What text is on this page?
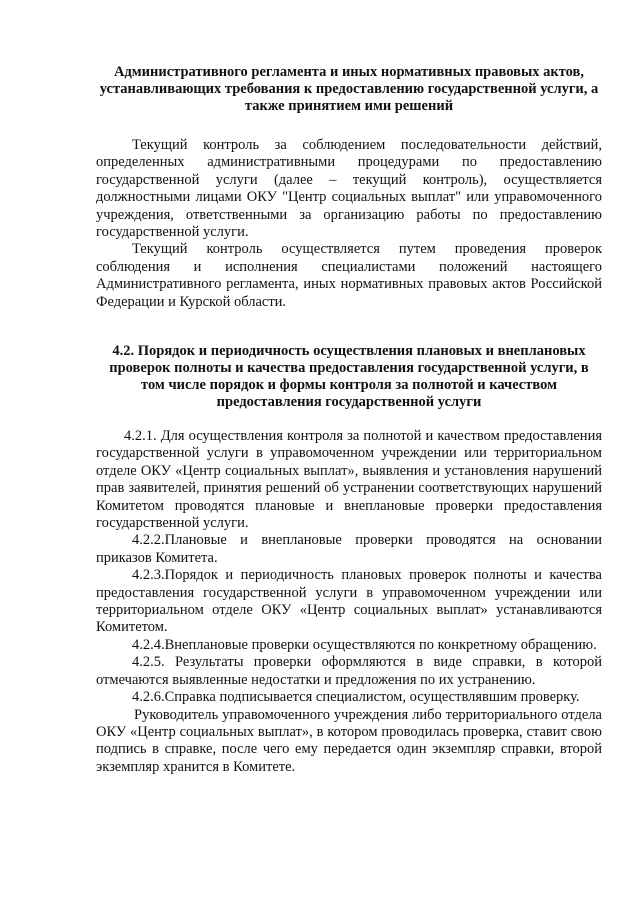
Административного регламента и иных нормативных правовых актов, устанавливающих требования к предоставлению государственной услуги, а также принятием ими решений

Текущий контроль за соблюдением последовательности действий, определенных административными процедурами по предоставлению государственной услуги (далее – текущий контроль), осуществляется должностными лицами ОКУ "Центр социальных выплат" или управомоченного учреждения, ответственными за организацию работы по предоставлению государственной услуги.

Текущий контроль осуществляется путем проведения проверок соблюдения и исполнения специалистами положений настоящего Административного регламента, иных нормативных правовых актов Российской Федерации и Курской области.

4.2. Порядок и периодичность осуществления плановых и внеплановых проверок полноты и качества предоставления государственной услуги, в том числе порядок и формы контроля за полнотой и качеством предоставления государственной услуги

4.2.1. Для осуществления контроля за полнотой и качеством предоставления государственной услуги в управомоченном учреждении или территориальном отделе ОКУ «Центр социальных выплат», выявления и установления нарушений прав заявителей, принятия решений об устранении соответствующих нарушений Комитетом проводятся плановые и внеплановые проверки предоставления государственной услуги.

4.2.2.Плановые и внеплановые проверки проводятся на основании приказов Комитета.

4.2.3.Порядок и периодичность плановых проверок полноты и качества предоставления государственной услуги в управомоченном учреждении или территориальном отделе ОКУ «Центр социальных выплат» устанавливаются Комитетом.

4.2.4.Внеплановые проверки осуществляются по конкретному обращению.

4.2.5. Результаты проверки оформляются в виде справки, в которой отмечаются выявленные недостатки и предложения по их устранению.

4.2.6.Справка подписывается специалистом, осуществлявшим проверку.

Руководитель управомоченного учреждения либо территориального отдела ОКУ «Центр социальных выплат», в котором проводилась проверка, ставит свою подпись в справке, после чего ему передается один экземпляр справки, второй экземпляр хранится в Комитете.
